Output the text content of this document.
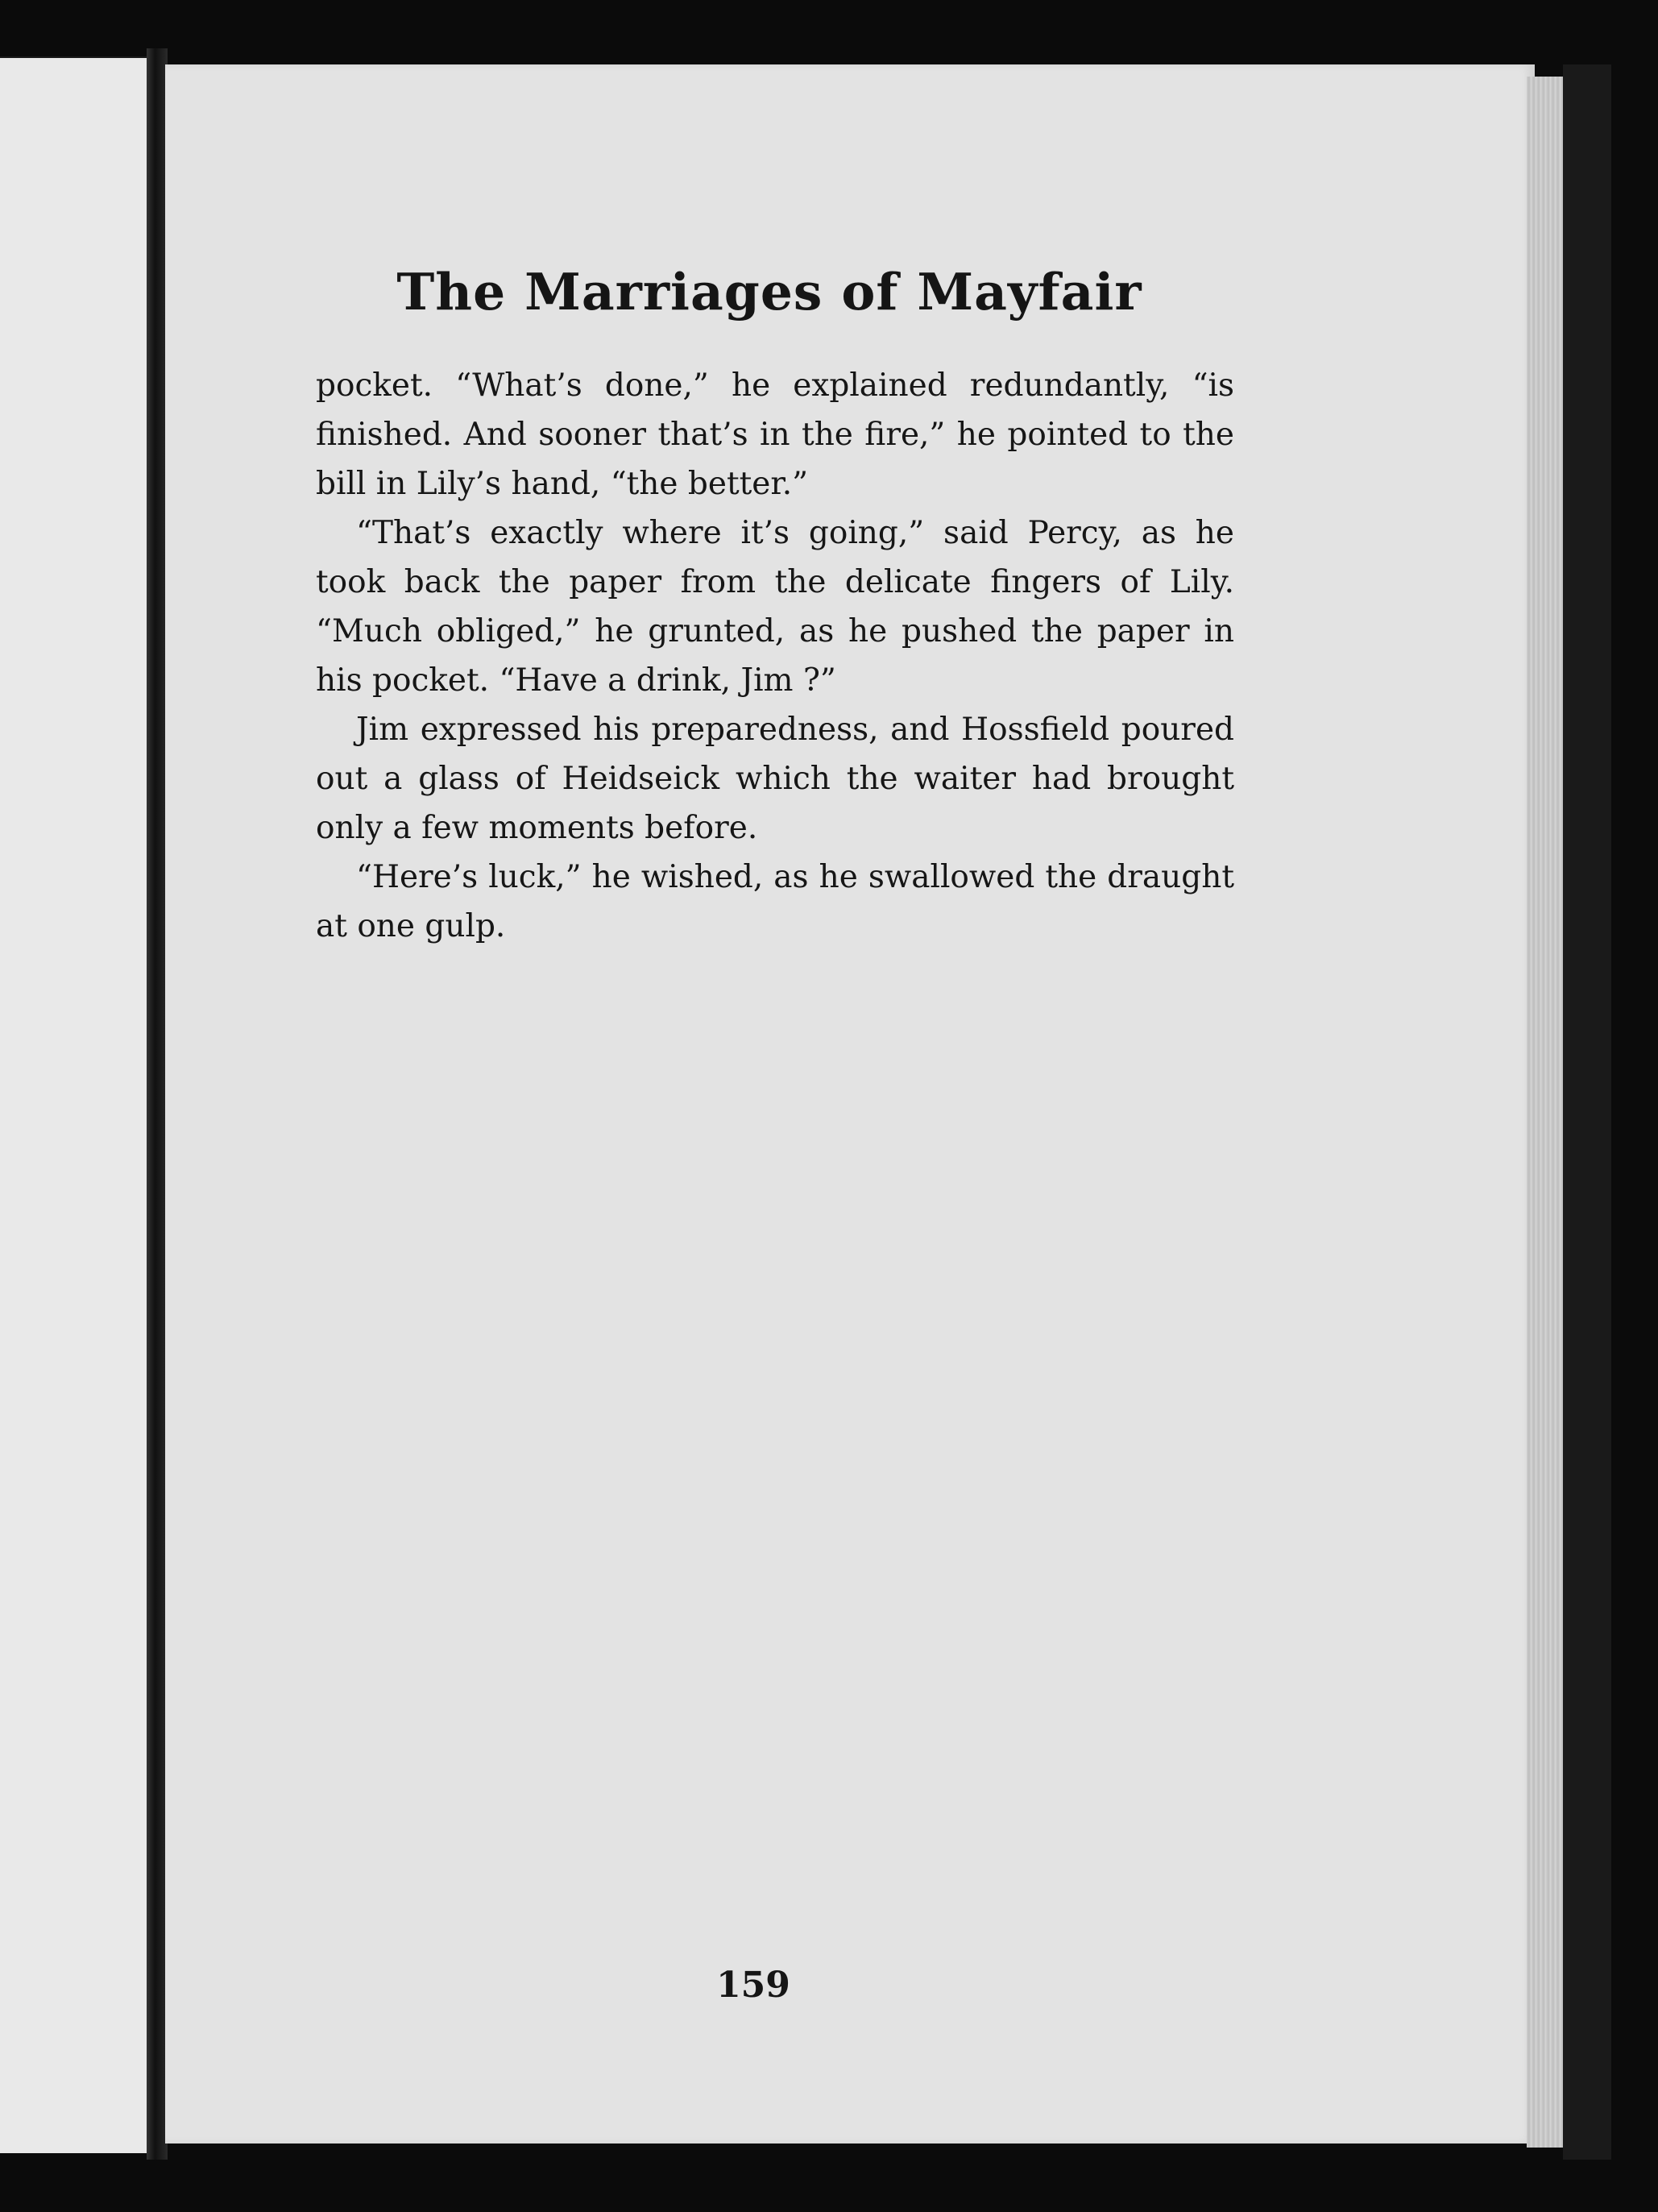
The Marriages of Mayfair

pocket. “What’s done,” he explained redundantly, “is finished. And sooner that’s in the fire,” he pointed to the bill in Lily’s hand, “the better.”

“That’s exactly where it’s going,” said Percy, as he took back the paper from the delicate fingers of Lily. “Much obliged,” he grunted, as he pushed the paper in his pocket. “Have a drink, Jim ?”

Jim expressed his preparedness, and Hossfield poured out a glass of Heidseick which the waiter had brought only a few moments before.

“Here’s luck,” he wished, as he swallowed the draught at one gulp.

159
